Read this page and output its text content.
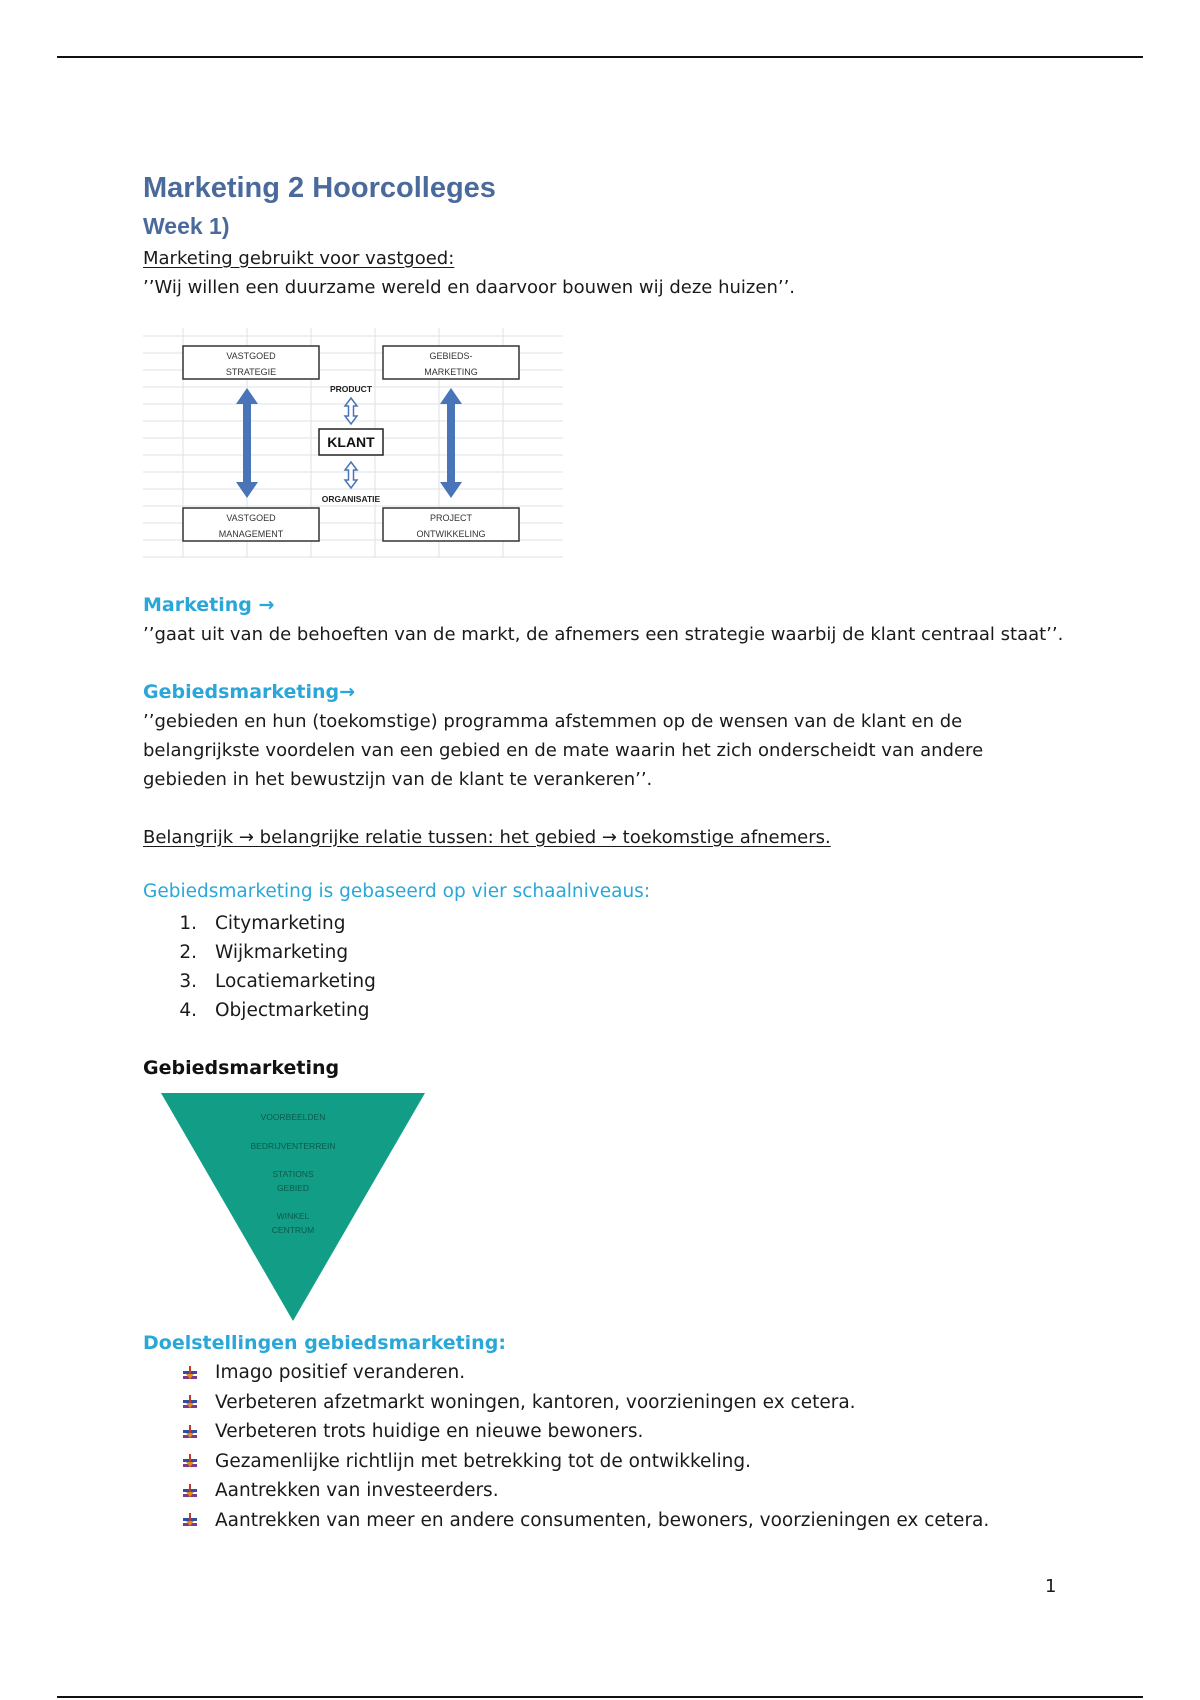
Marketing 2 Hoorcolleges
Week 1)

Marketing gebruikt voor vastgoed:

’’Wij willen een duurzame wereld en daarvoor bouwen wij deze huizen’’.

VASTGOED
STRATEGIE
GEBIEDS-
MARKETING
PRODUCT
KLANT
ORGANISATIE
VASTGOED
MANAGEMENT
PROJECT
ONTWIKKELING

Marketing →

’’gaat uit van de behoeften van de markt, de afnemers een strategie waarbij de klant centraal staat’’.

Gebiedsmarketing→

’’gebieden en hun (toekomstige) programma afstemmen op de wensen van de klant en de

belangrijkste voordelen van een gebied en de mate waarin het zich onderscheidt van andere

gebieden in het bewustzijn van de klant te verankeren’’.

Belangrijk → belangrijke relatie tussen: het gebied → toekomstige afnemers.

Gebiedsmarketing is gebaseerd op vier schaalniveaus:

1. Citymarketing
2. Wijkmarketing
3. Locatiemarketing
4. Objectmarketing

Gebiedsmarketing

VOORBEELDEN
BEDRIJVENTERREIN
STATIONS
GEBIED
WINKEL
CENTRUM

Doelstellingen gebiedsmarketing:

Imago positief veranderen.
Verbeteren afzetmarkt woningen, kantoren, voorzieningen ex cetera.
Verbeteren trots huidige en nieuwe bewoners.
Gezamenlijke richtlijn met betrekking tot de ontwikkeling.
Aantrekken van investeerders.
Aantrekken van meer en andere consumenten, bewoners, voorzieningen ex cetera.
1
